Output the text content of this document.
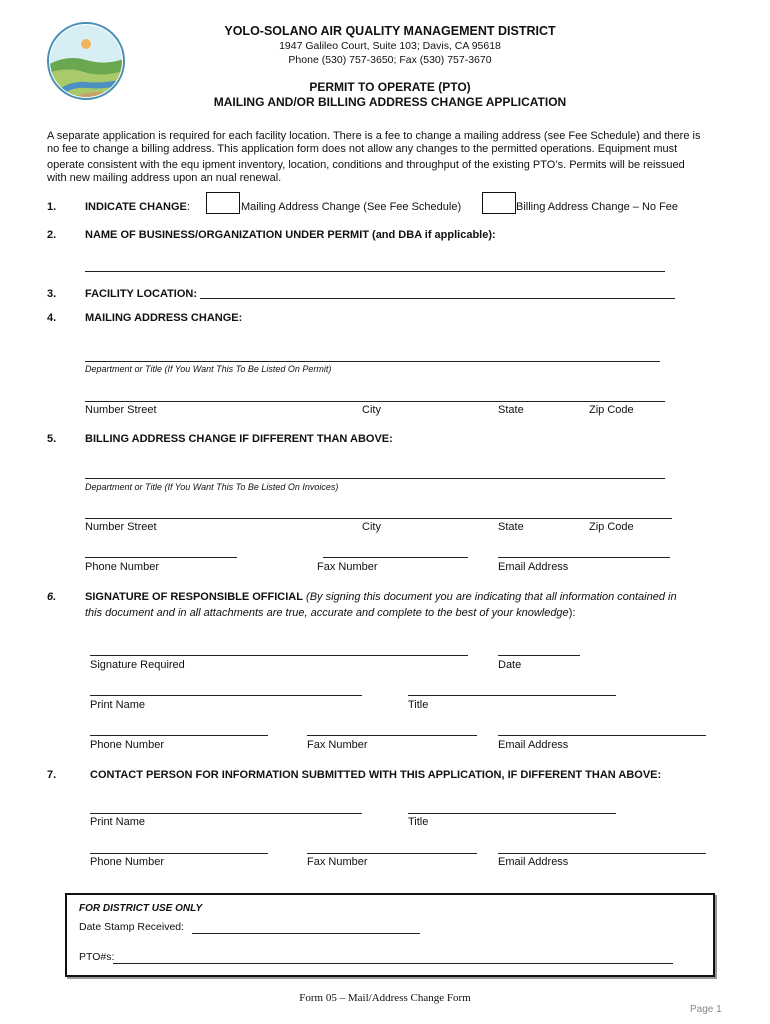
YOLO-SOLANO AIR QUALITY MANAGEMENT DISTRICT
1947 Galileo Court, Suite 103; Davis, CA 95618
Phone (530) 757-3650; Fax (530) 757-3670
PERMIT TO OPERATE (PTO)
MAILING AND/OR BILLING ADDRESS CHANGE APPLICATION
A separate application is required for each facility location. There is a fee to change a mailing address (see Fee Schedule) and there is
no fee to change a billing address. This application form does not allow any changes to the permitted operations. Equipment must
operate consistent with the equ ipment inventory, location, conditions and throughput of the existing PTO’s. Permits will be reissued
with new mailing address upon an nual renewal.
1.	INDICATE CHANGE:	Mailing Address Change (See Fee Schedule)	Billing Address Change – No Fee
2.	NAME OF BUSINESS/ORGANIZATION UNDER PERMIT (and DBA if applicable):
3.	FACILITY LOCATION:
4.	MAILING ADDRESS CHANGE:
Department or Title (If You Want This To Be Listed On Permit)
Number Street	City	State	Zip Code
5.	BILLING ADDRESS CHANGE IF DIFFERENT THAN ABOVE:
Department or Title (If You Want This To Be Listed On Invoices)
Number Street	City	State	Zip Code
Phone Number	Fax Number	Email Address
6.	SIGNATURE OF RESPONSIBLE OFFICIAL (By signing this document you are indicating that all information contained in
this document and in all attachments are true, accurate and complete to the best of your knowledge):
Signature Required	Date
Print Name	Title
Phone Number	Fax Number	Email Address
7.	CONTACT PERSON FOR INFORMATION SUBMITTED WITH THIS APPLICATION, IF DIFFERENT THAN ABOVE:
Print Name	Title
Phone Number	Fax Number	Email Address
FOR DISTRICT USE ONLY
Date Stamp Received:
PTO#s:
Form 05 – Mail/Address Change Form
Page 1
